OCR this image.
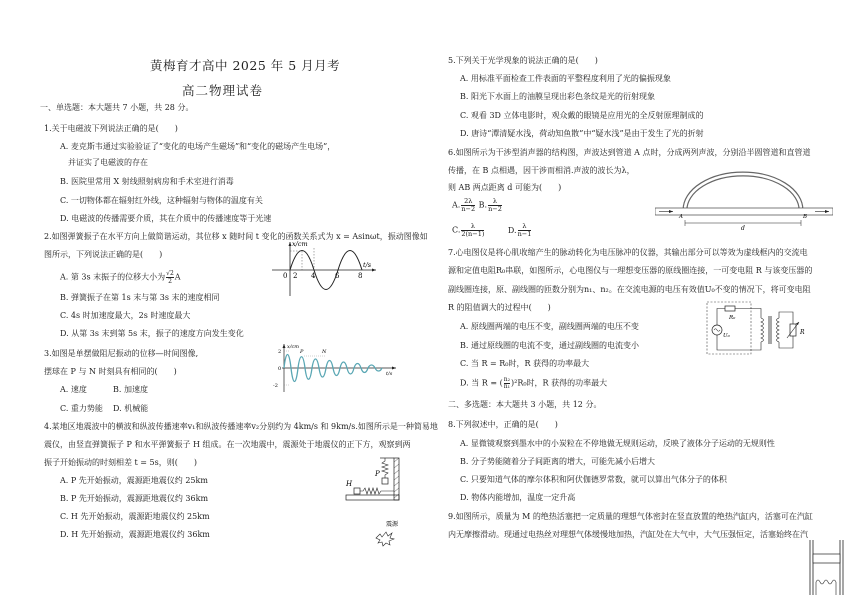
黄梅育才高中 2025 年 5 月月考
高二物理试卷
一、单选题：本大题共 7 小题，共 28 分。
1.关于电磁波下列说法正确的是(　　)
A. 麦克斯韦通过实验验证了“变化的电场产生磁场”和“变化的磁场产生电场”，
并证实了电磁波的存在
B. 医院里常用 X 射线照射病房和手术室进行消毒
C. 一切物体都在辐射红外线，这种辐射与物体的温度有关
D. 电磁波的传播需要介质，其在介质中的传播速度等于光速
2.如图弹簧振子在水平方向上做简谐运动，其位移 x 随时间 t 变化的函数关系式为 x = Asinωt，振动图像如
图所示，下列说法正确的是(　　)
A. 第 3s 末振子的位移大小为 $\frac{√2}{2}$ A
B. 弹簧振子在第 1s 末与第 3s 末的速度相同
C. 4s 时加速度最大，2s 时速度最大
D. 从第 3s 末到第 5s 末，振子的速度方向发生变化
x/cm
t/s
0 2 4	6	8
3.如图是单摆做阻尼振动的位移—时间图像,
摆球在 P 与 N 时刻具有相同的(　　)
A. 速度	B. 加速度
C. 重力势能 D. 机械能
P	N
x/cm
t/s
2
0
-2
4.某地区地震波中的横波和纵波传播速率v₁和纵波传播速率v₂分别约为 4km/s 和 9km/s.如图所示是一种简易地
震仪，由竖直弹簧振子 P 和水平弹簧振子 H 组成。在一次地震中，震源处于地震仪的正下方，观察到两
振子开始振动的时刻相差 t = 5s，则(　　)
A. P 先开始振动，震源距地震仪约 25km
B. P 先开始振动，震源距地震仪约 36km
C. H 先开始振动，震源距地震仪约 25km
D. H 先开始振动，震源距地震仪约 36km
P
H
震源
5.下列关于光学现象的说法正确的是(　　)
A. 用标准平面检查工件表面的平整程度利用了光的偏振现象
B. 阳光下水面上的油膜呈现出彩色条纹是光的衍射现象
C. 观看 3D 立体电影时，观众戴的眼镜是应用光的全反射原理制成的
D. 唐诗“潭清疑水浅，荷动知鱼散”中“疑水浅”是由于发生了光的折射
6.如图所示为干涉型消声器的结构图，声波达到管道 A 点时，分成两列声波，分别沿半圆管道和直管道
传播，在 B 点相遇，因干涉而相消.声波的波长为λ，
则 AB 两点距离 d 可能为(　　)
A. $\frac{2\lambda}{n-2} B$. $\frac{\lambda}{n-2}$
C. $\frac{\lambda}{2(n-1)}$	D. $\frac{\lambda}{n-1}$
A	B
d
7.心电图仪是将心肌收缩产生的脉动转化为电压脉冲的仪器，其输出部分可以等效为虚线框内的交流电
源和定值电阻R₀串联，如图所示，心电图仪与一理想变压器的原线圈连接，一可变电阻 R 与该变压器的
副线圈连接，原、副线圈的匝数分别为n₁、n₂。在交流电源的电压有效值U₀不变的情况下，将可变电阻
R 的阻值调大的过程中(　　)
A. 原线圈两端的电压不变，副线圈两端的电压不变
B. 通过原线圈的电流不变，通过副线圈的电流变小
C. 当 R = R₀时，R 获得的功率最大
D. 当 R = ( $\frac{\text{n₂}}{\text{n₁}} )^2R_0$时，R 获得的功率最大
R₀
U₀	R
二、多选题：本大题共 3 小题，共 12 分。
8.下列叙述中，正确的是(　　)
A. 显微镜观察到墨水中的小炭粒在不停地做无规则运动，反映了液体分子运动的无规则性
B. 分子势能随着分子间距离的增大，可能先减小后增大
C. 只要知道气体的摩尔体积和阿伏伽德罗常数，就可以算出气体分子的体积
D. 物体内能增加，温度一定升高
9.如图所示，质量为 M 的绝热活塞把一定质量的理想气体密封在竖直放置的绝热汽缸内，活塞可在汽缸
内无摩擦滑动。现通过电热丝对理想气体缓慢地加热，汽缸处在大气中，大气压强恒定，活塞始终在汽
